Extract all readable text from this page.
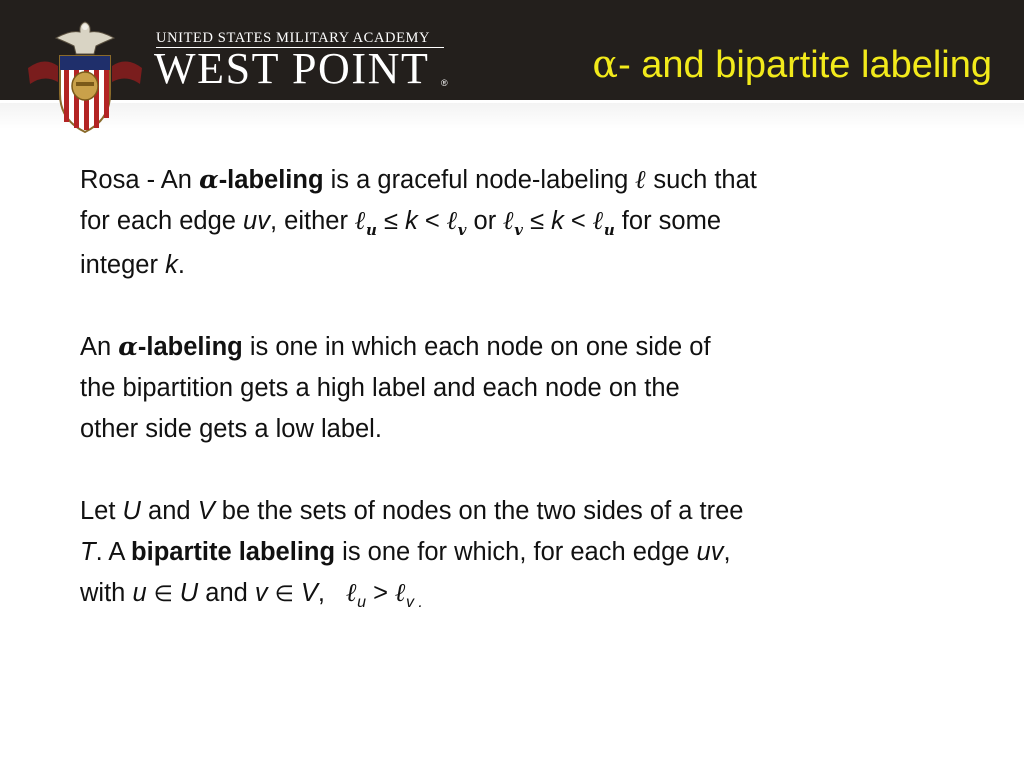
UNITED STATES MILITARY ACADEMY
WEST POINT ®	α- and bipartite labeling

Rosa - An α-labeling is a graceful node-labeling ℓ such that

for each edge uv, either ℓ$_u$ ≤ k < ℓ$_v$ or ℓ$_v$ ≤ k < ℓ$_u$ for some

integer k.

An α-labeling is one in which each node on one side of

the bipartition gets a high label and each node on the

other side gets a low label.

Let U and V be the sets of nodes on the two sides of a tree

T. A bipartite labeling is one for which, for each edge uv,

with u ∈ U and v ∈ V,   ℓ$_u$ > ℓ$_v$ $_.$
